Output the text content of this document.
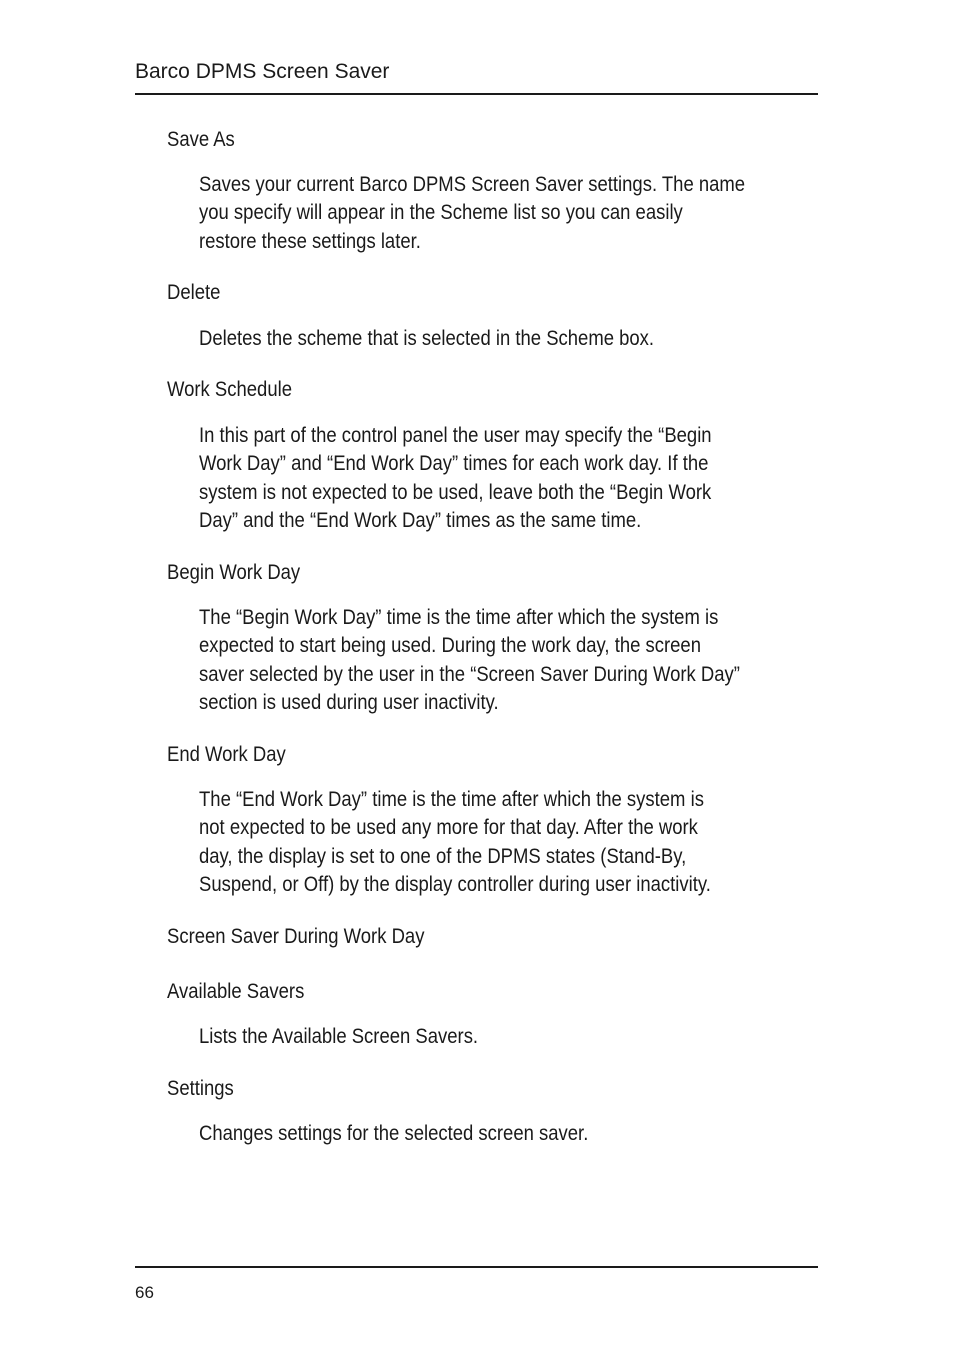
Barco DPMS Screen Saver
Save As
Saves your current Barco DPMS Screen Saver settings. The name
you specify will appear in the Scheme list so you can easily
restore these settings later.
Delete
Deletes the scheme that is selected in the Scheme box.
Work Schedule
In this part of the control panel the user may specify the “Begin
Work Day” and “End Work Day” times for each work day. If the
system is not expected to be used, leave both the “Begin Work
Day” and the “End Work Day” times as the same time.
Begin Work Day
The “Begin Work Day” time is the time after which the system is
expected to start being used. During the work day, the screen
saver selected by the user in the “Screen Saver During Work Day”
section is used during user inactivity.
End Work Day
The “End Work Day” time is the time after which the system is
not expected to be used any more for that day. After the work
day, the display is set to one of the DPMS states (Stand-By,
Suspend, or Off) by the display controller during user inactivity.
Screen Saver During Work Day
Available Savers
Lists the Available Screen Savers.
Settings
Changes settings for the selected screen saver.
66
